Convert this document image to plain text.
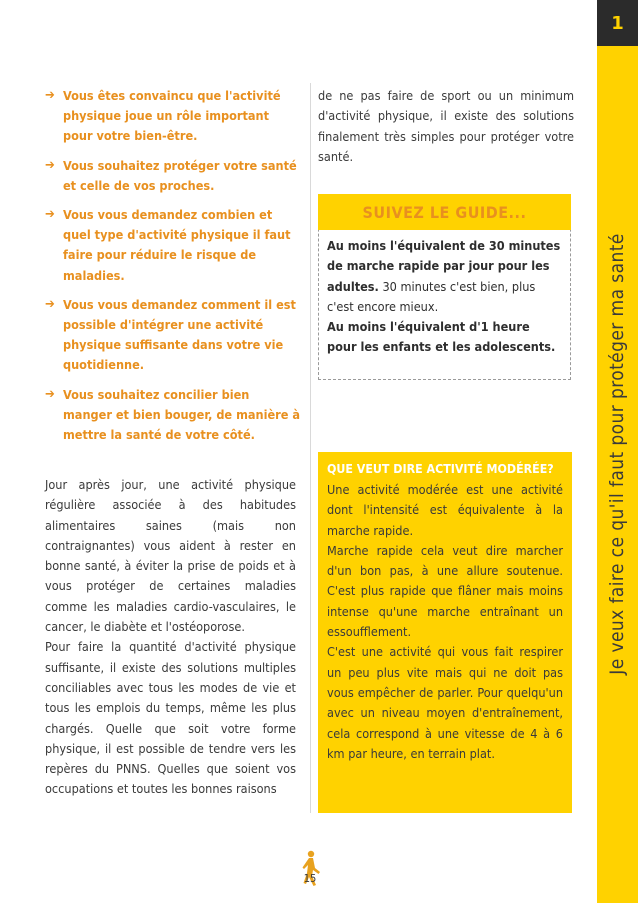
1
Je veux faire ce qu'il faut pour protéger ma santé
➔ Vous êtes convaincu que l'activité physique joue un rôle important pour votre bien-être.
➔ Vous souhaitez protéger votre santé et celle de vos proches.
➔ Vous vous demandez combien et quel type d'activité physique il faut faire pour réduire le risque de maladies.
➔ Vous vous demandez comment il est possible d'intégrer une activité physique suffisante dans votre vie quotidienne.
➔ Vous souhaitez concilier bien manger et bien bouger, de manière à mettre la santé de votre côté.

Jour après jour, une activité physique régulière associée à des habitudes alimentaires saines (mais non contraignantes) vous aident à rester en bonne santé, à éviter la prise de poids et à vous protéger de certaines maladies comme les maladies cardio-vasculaires, le cancer, le diabète et l'ostéoporose.

Pour faire la quantité d'activité physique suffisante, il existe des solutions multiples conciliables avec tous les modes de vie et tous les emplois du temps, même les plus chargés. Quelle que soit votre forme physique, il est possible de tendre vers les repères du PNNS. Quelles que soient vos occupations et toutes les bonnes raisons

de ne pas faire de sport ou un minimum d'activité physique, il existe des solutions finalement très simples pour protéger votre santé.

SUIVEZ LE GUIDE...

Au moins l'équivalent de 30 minutes de marche rapide par jour pour les adultes. 30 minutes c'est bien, plus c'est encore mieux.
Au moins l'équivalent d'1 heure pour les enfants et les adolescents.

QUE VEUT DIRE ACTIVITÉ MODÉRÉE?
Une activité modérée est une activité dont l'intensité est équivalente à la marche rapide.
Marche rapide cela veut dire marcher d'un bon pas, à une allure soutenue. C'est plus rapide que flâner mais moins intense qu'une marche entraînant un essoufflement.
C'est une activité qui vous fait respirer un peu plus vite mais qui ne doit pas vous empêcher de parler. Pour quelqu'un avec un niveau moyen d'entraînement, cela correspond à une vitesse de 4 à 6 km par heure, en terrain plat.
15
